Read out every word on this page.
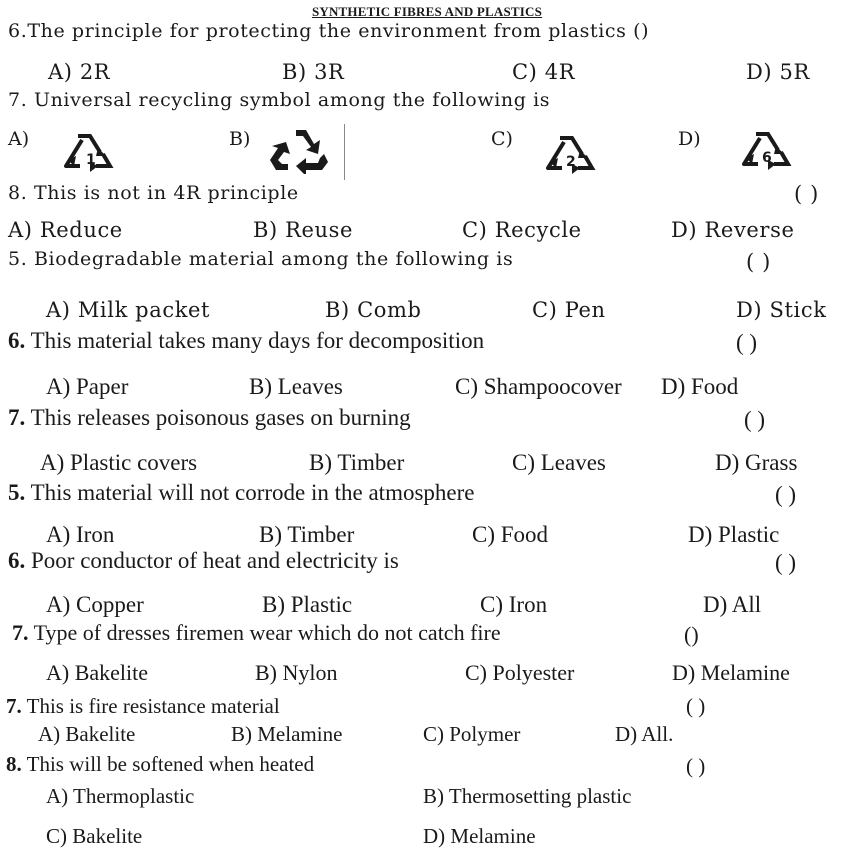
SYNTHETIC FIBRES AND PLASTICS
6.The principle for protecting the environment from plastics ()
A) 2R	B) 3R	C) 4R	D) 5R
7. Universal recycling symbol among the following is
A)
1
B)	C)
2
D)
6
8. This is not in 4R principle	( )
A) Reduce	B) Reuse	C) Recycle	D) Reverse
5. Biodegradable material among the following is	( )
A) Milk packet	B) Comb	C) Pen	D) Stick
6. This material takes many days for decomposition	( )
A) Paper	B) Leaves	C) Shampoocover D) Food
7. This releases poisonous gases on burning	( )
A) Plastic covers	B) Timber	C) Leaves	D) Grass
5. This material will not corrode in the atmosphere	( )
A) Iron	B) Timber	C) Food	D) Plastic
6. Poor conductor of heat and electricity is	( )
A) Copper	B) Plastic	C) Iron	D) All
7. Type of dresses firemen wear which do not catch fire	()
A) Bakelite	B) Nylon	C) Polyester	D) Melamine
7. This is fire resistance material	( )
A) Bakelite	B) Melamine	C) Polymer	D) All.
8. This will be softened when heated	( )
A) Thermoplastic	B) Thermosetting plastic
C) Bakelite	D) Melamine
